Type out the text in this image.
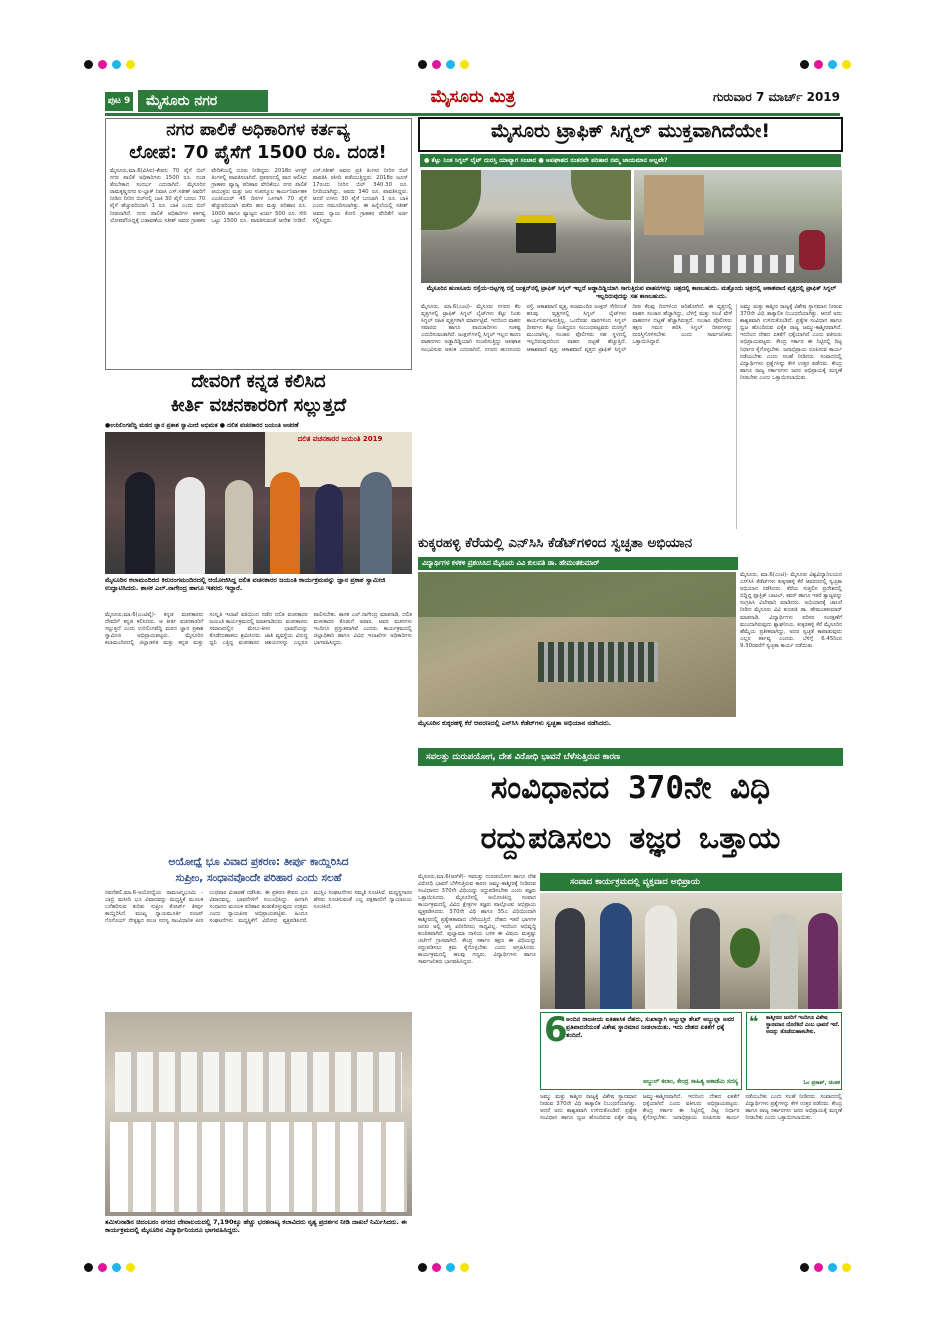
ಪುಟ 9	ಮೈಸೂರು ನಗರ	ಮೈಸೂರು ಮಿತ್ರ	ಗುರುವಾರ 7 ಮಾರ್ಚ್ 2019
ನಗರ ಪಾಲಿಕೆ ಅಧಿಕಾರಿಗಳ ಕರ್ತವ್ಯ
ಲೋಪ: 70 ಪೈಸೆಗೆ 1500 ರೂ. ದಂಡ!
ಮೈಸೂರು,ಮಾ.6(ವಿಸಿಐ)-ಕೇವಲ 70 ಪೈಸೆ ಬಿಲ್ ನಗರ ಪಾಲಿಕೆ ಅಧಿಕಾರಿಗಳು 1500 ರೂ. ದಂಡ ತೆರಬೇಕಾದ ಸಂದರ್ಭ ಎದುರಾಗಿದೆ. ಮೈಸೂರಿನ ರಾಮಕೃಷ್ಣನಗರ ಐ-ಬ್ಲಾಕ್ ನಿವಾಸಿ ಎಸ್.ಸತೀಶ್ ಅವರಿಗೆ ನೀಡಿದ ನೀರಿನ ಬಿಲ್‌ನಲ್ಲಿ ಬಾಕಿ 30 ಪೈಸೆ ಬದಲು 70 ಪೈಸೆ ಹೆಚ್ಚುವರಿಯಾಗಿ 1 ರೂ. ಬಾಕಿ ಎಂದು ಬಿಲ್ ನೀಡಲಾಗಿದೆ. ನಗರ ಪಾಲಿಕೆ ಅಧಿಕಾರಿಗಳ ಕರ್ತವ್ಯ ಲೋಪವೆನಿಸಿದ್ದಕ್ಕೆ ಬಡಾವಣೆಯ ಸತೀಶ್ ಅವರು ಗ್ರಾಹಕರ ವೇದಿಕೆಯಲ್ಲಿ ದೂರು ನೀಡಿದ್ದರು. 2018ರ ಆಗಸ್ಟ್ ತಿಂಗಳಲ್ಲಿ ಪಾವತಿಸಲಾಗಿದೆ. ಪ್ರಕರಣದಲ್ಲಿ ವಾದ ಆಲಿಸಿದ ಗ್ರಾಹಕರ ವ್ಯಾಜ್ಯ ಪರಿಹಾರ ವೇದಿಕೆಯು ನಗರ ಪಾಲಿಕೆ ಆಯುಕ್ತರು ಮತ್ತು ಜಲ ಸಂಪನ್ಮೂಲ ಕಾರ್ಯನಿರ್ವಾಹಕ ಎಂಜಿನಿಯರ್ 45 ದಿನಗಳ ಒಳಗಾಗಿ 70 ಪೈಸೆ ಹೆಚ್ಚುವರಿಯಾಗಿ ಪಡೆದ ಹಣ ಮತ್ತು ಪರಿಹಾರ ರೂ. 1000 ಹಾಗೂ ವ್ಯಾಜ್ಯದ ಖರ್ಚು 500 ರೂ. ಸೇರಿ ಒಟ್ಟು 1500 ರೂ. ಪಾವತಿಸುವಂತೆ ಆದೇಶ ನೀಡಿದೆ. ಎಸ್.ಸತೀಶ್ ಅವರು ಪ್ರತಿ ತಿಂಗಳು ನೀರಿನ ಬಿಲ್ ಪಾವತಿಸಿ ರಸೀದಿ ಪಡೆಯುತ್ತಿದ್ದರು. 2018ರ ಜೂನ್ 17ರಂದು ನೀರಿನ ಬಿಲ್ 340.30 ರೂ. ನಿಗದಿಯಾಗಿದ್ದು, ಅವರು 340 ರೂ. ಪಾವತಿಸಿದ್ದರು. ಆದರೆ ಉಳಿದ 30 ಪೈಸೆ ಬದಲಾಗಿ 1 ರೂ. ಬಾಕಿ ಎಂದು ನಮೂದಿಸಲಾಗಿತ್ತು. ಈ ಹಿನ್ನೆಲೆಯಲ್ಲಿ ಸತೀಶ್ ಅವರು ನ್ಯಾಯ ಕೋರಿ ಗ್ರಾಹಕರ ವೇದಿಕೆಗೆ ಅರ್ಜಿ ಸಲ್ಲಿಸಿದ್ದರು.
ಮೈಸೂರು ಟ್ರಾಫಿಕ್ ಸಿಗ್ನಲ್ ಮುಕ್ತವಾಗಿದೆಯೇ!
● ಕೆಟ್ಟು ನಿಂತ ಸಿಗ್ನಲ್ ಲೈಟ್ ದುರಸ್ತಿ ಯಾವ್ಯಾಗ ಸಂಚಾರ ● ಅಪಘಾತದ ನಂತರವೇ ಪರಿಹಾರ ನಮ್ಮ ಜಾಯಮಾನ ಅಲ್ಲವೇ?
ಮೈಸೂರಿನ ಹುಣಸೂರು ರಸ್ತೆಯ-ದಟ್ಟಗಳ್ಳಿ ರಸ್ತೆ ಜಂಕ್ಷನ್‌ನಲ್ಲಿ ಟ್ರಾಫಿಕ್ ಸಿಗ್ನಲ್ ಇಲ್ಲದೆ ಅಡ್ಡಾದಿಡ್ಡಿಯಾಗಿ ಸಾಗುತ್ತಿರುವ ವಾಹನಗಳನ್ನು ಚಿತ್ರದಲ್ಲಿ ಕಾಣಬಹುದು. ಮತ್ತೊಂದು ಚಿತ್ರದಲ್ಲಿ ಆಕಾಶವಾಣಿ ವೃತ್ತದಲ್ಲಿ ಟ್ರಾಫಿಕ್ ಸಿಗ್ನಲ್ ಇಲ್ಲದಿರುವುದನ್ನು ಸಹ ಕಾಣಬಹುದು.
ಮೈಸೂರು, ಮಾ.6(ಎಂಟಿ)- ಮೈಸೂರು ನಗರದ ಕೆಲ ವೃತ್ತಗಳಲ್ಲಿ ಟ್ರಾಫಿಕ್ ಸಿಗ್ನಲ್ ಲೈಟ್‌ಗಳು ಕೆಟ್ಟು ನಿಂತು ಸಿಗ್ನಲ್ ರಹಿತ ವೃತ್ತಗಳಾಗಿ ಮಾರ್ಪಟ್ಟಿವೆ. ಇದರಿಂದ ವಾಹನ ಸವಾರರು ಹಾಗೂ ಪಾದಚಾರಿಗಳು ಸಂಕಷ್ಟ ಎದುರಿಸುವಂತಾಗಿದೆ. ಜಂಕ್ಷನ್‌ಗಳಲ್ಲಿ ಸಿಗ್ನಲ್ ಇಲ್ಲದ ಕಾರಣ ವಾಹನಗಳು ಅಡ್ಡಾದಿಡ್ಡಿಯಾಗಿ ಸಂಚರಿಸುತ್ತಿದ್ದು ಅಪಘಾತ ಸಂಭವಿಸುವ ಆತಂಕ ಎದುರಾಗಿದೆ. ನಗರದ ಹುಣಸೂರು ರಸ್ತೆ, ಆಕಾಶವಾಣಿ ವೃತ್ತ, ಕಲಾಮಂದಿರ ಜಂಕ್ಷನ್ ಸೇರಿದಂತೆ ಹಲವು ವೃತ್ತಗಳಲ್ಲಿ ಸಿಗ್ನಲ್ ಲೈಟ್‌ಗಳು ಕಾರ್ಯನಿರ್ವಹಿಸುತ್ತಿಲ್ಲ. ಒಂದೆರಡು ವಾರಗಳಿಂದ ಸಿಗ್ನಲ್ ದೀಪಗಳು ಕೆಟ್ಟು ನಿಂತಿದ್ದರೂ ಸಂಬಂಧಪಟ್ಟವರು ದುರಸ್ತಿಗೆ ಮುಂದಾಗಿಲ್ಲ. ಸಂಚಾರ ಪೊಲೀಸರು ಸಹ ಸ್ಥಳದಲ್ಲಿ ಇಲ್ಲದಿರುವುದರಿಂದ ವಾಹನ ದಟ್ಟಣೆ ಹೆಚ್ಚುತ್ತಿದೆ. ಆಕಾಶವಾಣಿ ವೃತ್ತ: ಆಕಾಶವಾಣಿ ವೃತ್ತದ ಟ್ರಾಫಿಕ್ ಸಿಗ್ನಲ್ ದೀಪ ಕೆಲವು ದಿನಗಳಿಂದ ಆರಿಹೋಗಿದೆ. ಈ ವೃತ್ತದಲ್ಲಿ ವಾಹನ ಸಂಚಾರ ಹೆಚ್ಚಾಗಿದ್ದು, ಬೆಳಿಗ್ಗೆ ಮತ್ತು ಸಂಜೆ ವೇಳೆ ವಾಹನಗಳ ದಟ್ಟಣೆ ಹೆಚ್ಚಾಗಿರುತ್ತದೆ. ಸಂಚಾರ ಪೊಲೀಸರು ತಕ್ಷಣ ಗಮನ ಹರಿಸಿ ಸಿಗ್ನಲ್ ದೀಪಗಳನ್ನು ದುರಸ್ತಿಗೊಳಿಸಬೇಕು ಎಂದು ಸಾರ್ವಜನಿಕರು ಒತ್ತಾಯಿಸಿದ್ದಾರೆ.
ಜಮ್ಮು ಮತ್ತು ಕಾಶ್ಮೀರ ರಾಜ್ಯಕ್ಕೆ ವಿಶೇಷ ಸ್ಥಾನಮಾನ ನೀಡುವ 370ನೇ ವಿಧಿ ತಾತ್ಕಾಲಿಕ ನಿಬಂಧನೆಯಾಗಿತ್ತು. ಆದರೆ ಅದು ಶಾಶ್ವತವಾಗಿ ಉಳಿದುಕೊಂಡಿದೆ. ಪ್ರತ್ಯೇಕ ಸಂವಿಧಾನ ಹಾಗೂ ಧ್ವಜ ಹೊಂದಿರುವ ಏಕೈಕ ರಾಜ್ಯ ಜಮ್ಮು-ಕಾಶ್ಮೀರವಾಗಿದೆ. ಇದರಿಂದ ದೇಶದ ಏಕತೆಗೆ ಧಕ್ಕೆಯಾಗಿದೆ ಎಂದು ವಕೀಲರು ಅಭಿಪ್ರಾಯಪಟ್ಟರು. ಕೇಂದ್ರ ಸರ್ಕಾರ ಈ ನಿಟ್ಟಿನಲ್ಲಿ ದಿಟ್ಟ ನಿರ್ಧಾರ ಕೈಗೊಳ್ಳಬೇಕು. ಜನಾಭಿಪ್ರಾಯ ರೂಪಿಸುವ ಕಾರ್ಯ ನಡೆಯಬೇಕು ಎಂದು ಸಲಹೆ ನೀಡಿದರು. ಸಂವಾದದಲ್ಲಿ ವಿದ್ಯಾರ್ಥಿಗಳು ಪ್ರಶ್ನೆಗಳನ್ನು ಕೇಳಿ ಉತ್ತರ ಪಡೆದರು. ಕೇಂದ್ರ ಹಾಗೂ ರಾಜ್ಯ ಸರ್ಕಾರಗಳು ಜನರ ಅಭಿಪ್ರಾಯಕ್ಕೆ ಮನ್ನಣೆ ನೀಡಬೇಕು ಎಂದು ಒತ್ತಾಯಿಸಲಾಯಿತು.
ದೇವರಿಗೆ ಕನ್ನಡ ಕಲಿಸಿದ
ಕೀರ್ತಿ ವಚನಕಾರರಿಗೆ ಸಲ್ಲುತ್ತದೆ
●ಉರಿಲಿಂಗಪೆದ್ದಿ ಮಠದ ಜ್ಞಾನ ಪ್ರಕಾಶ ಸ್ವಾಮೀಜಿ ಅಭಿಮತ ● ದಲಿತ ವಚನಕಾರರ ಜಯಂತಿ ಆಚರಣೆ
ದಲಿತ ವಚನಕಾರರ ಜಯಂತಿ 2019
ಮೈಸೂರಿನ ಕಲಾಮಂದಿರದ ಕಿರುರಂಗಮಂದಿರದಲ್ಲಿ ಆಯೋಜಿಸಿದ್ದ ದಲಿತ ವಚನಕಾರರ ಜಯಂತಿ ಕಾರ್ಯಕ್ರಮವನ್ನು ಜ್ಞಾನ ಪ್ರಕಾಶ ಸ್ವಾಮೀಜಿ ಉದ್ಘಾಟಿಸಿದರು. ಶಾಸಕ ಎಲ್.ನಾಗೇಂದ್ರ ಹಾಗೂ ಇತರರು ಇದ್ದಾರೆ.
ಮೈಸೂರು,ಮಾ.6(ಎಂಟಿವೈ)- ಕನ್ನಡ ವಚನಕಾರರು ದೇವರಿಗೆ ಕನ್ನಡ ಕಲಿಸಿದರು. ಆ ಕೀರ್ತಿ ವಚನಕಾರರಿಗೆ ಸಲ್ಲುತ್ತದೆ ಎಂದು ಉರಿಲಿಂಗಪೆದ್ದಿ ಮಠದ ಜ್ಞಾನ ಪ್ರಕಾಶ ಸ್ವಾಮೀಜಿ ಅಭಿಪ್ರಾಯಪಟ್ಟರು. ಮೈಸೂರಿನ ಕಲಾಮಂದಿರದಲ್ಲಿ ಜಿಲ್ಲಾಡಳಿತ ಮತ್ತು ಕನ್ನಡ ಮತ್ತು ಸಂಸ್ಕೃತಿ ಇಲಾಖೆ ವತಿಯಿಂದ ನಡೆದ ದಲಿತ ವಚನಕಾರರ ಜಯಂತಿ ಕಾರ್ಯಕ್ರಮದಲ್ಲಿ ಮಾತನಾಡಿದರು. ವಚನಕಾರರು ಸಮಾಜದಲ್ಲಿನ ಮೇಲು-ಕೀಳು ಭಾವನೆಯನ್ನು ತೊಡೆದುಹಾಕಲು ಶ್ರಮಿಸಿದರು. ಜಾತಿ ವ್ಯವಸ್ಥೆಯ ವಿರುದ್ಧ ಧ್ವನಿ ಎತ್ತಿದ್ದ ವಚನಕಾರರ ಆಶಯಗಳನ್ನು ಎಲ್ಲರೂ ಪಾಲಿಸಬೇಕು. ಶಾಸಕ ಎಲ್.ನಾಗೇಂದ್ರ ಮಾತನಾಡಿ, ದಲಿತ ವಚನಕಾರರ ಕೊಡುಗೆ ಅಪಾರ. ಅವರ ವಚನಗಳು ಇಂದಿಗೂ ಪ್ರಸ್ತುತವಾಗಿವೆ ಎಂದರು. ಕಾರ್ಯಕ್ರಮದಲ್ಲಿ ಜಿಲ್ಲಾಧಿಕಾರಿ ಹಾಗೂ ವಿವಿಧ ಇಲಾಖೆಗಳ ಅಧಿಕಾರಿಗಳು ಭಾಗವಹಿಸಿದ್ದರು.
ಕುಕ್ಕರಹಳ್ಳಿ ಕೆರೆಯಲ್ಲಿ ಎನ್‌ಸಿಸಿ ಕೆಡೆಟ್‌ಗಳಿಂದ ಸ್ವಚ್ಛತಾ ಅಭಿಯಾನ
ವಿದ್ಯಾರ್ಥಿಗಳ ಕಳಕಳಿ ಪ್ರಶಂಸಿಸಿದ ಮೈಸೂರು ವಿವಿ ಕುಲಪತಿ ಡಾ. ಹೇಮಂತಕುಮಾರ್
ಮೈಸೂರಿನ ಕುಕ್ಕರಹಳ್ಳಿ ಕೆರೆ ಆವರಣದಲ್ಲಿ ಎನ್‌ಸಿಸಿ ಕೆಡೆಟ್‌ಗಳು ಸ್ವಚ್ಛತಾ ಅಭಿಯಾನ ನಡೆಸಿದರು.
ಮೈಸೂರು, ಮಾ.6(ಎಂಟಿ)- ಮೈಸೂರು ವಿಶ್ವವಿದ್ಯಾನಿಲಯದ ಎನ್‌ಸಿಸಿ ಕೆಡೆಟ್‌ಗಳು ಕುಕ್ಕರಹಳ್ಳಿ ಕೆರೆ ಆವರಣದಲ್ಲಿ ಸ್ವಚ್ಛತಾ ಅಭಿಯಾನ ನಡೆಸಿದರು. ಕೆರೆಯ ಸುತ್ತಲಿನ ಪ್ರದೇಶದಲ್ಲಿ ಬಿದ್ದಿದ್ದ ಪ್ಲಾಸ್ಟಿಕ್ ಬಾಟಲ್, ಕವರ್ ಹಾಗೂ ಇತರೆ ತ್ಯಾಜ್ಯವನ್ನು ಸಂಗ್ರಹಿಸಿ ವಿಲೇವಾರಿ ಮಾಡಿದರು. ಅಭಿಯಾನಕ್ಕೆ ಚಾಲನೆ ನೀಡಿದ ಮೈಸೂರು ವಿವಿ ಕುಲಪತಿ ಡಾ. ಹೇಮಂತಕುಮಾರ್ ಮಾತನಾಡಿ, ವಿದ್ಯಾರ್ಥಿಗಳು ಪರಿಸರ ಸಂರಕ್ಷಣೆಗೆ ಮುಂದಾಗಿರುವುದು ಶ್ಲಾಘನೀಯ. ಕುಕ್ಕರಹಳ್ಳಿ ಕೆರೆ ಮೈಸೂರಿನ ಹೆಮ್ಮೆಯ ಪ್ರತೀಕವಾಗಿದ್ದು, ಅದರ ಸ್ವಚ್ಛತೆ ಕಾಪಾಡುವುದು ಎಲ್ಲರ ಕರ್ತವ್ಯ ಎಂದರು. ಬೆಳಿಗ್ಗೆ 6.45ರಿಂದ 9.30ರವರೆಗೆ ಸ್ವಚ್ಛತಾ ಕಾರ್ಯ ನಡೆಯಿತು.
ಸವಲತ್ತು ದುರುಪಯೋಗ, ದೇಶ ವಿರೋಧಿ ಭಾವನೆ ಬೆಳೆಸುತ್ತಿರುವ ಕಾರಣ
ಸಂವಿಧಾನದ 370ನೇ ವಿಧಿ
ರದ್ದುಪಡಿಸಲು ತಜ್ಞರ ಒತ್ತಾಯ
ಸಂವಾದ ಕಾರ್ಯಕ್ರಮದಲ್ಲಿ ವ್ಯಕ್ತವಾದ ಅಭಿಪ್ರಾಯ
ಮೈಸೂರು,ಮಾ.6(ಆರ್‌ಕೆ)- ಸವಲತ್ತು ದುರುಪಯೋಗ ಹಾಗೂ ದೇಶ ವಿರೋಧಿ ಭಾವನೆ ಬೆಳೆಸುತ್ತಿರುವ ಕಾರಣ ಜಮ್ಮು-ಕಾಶ್ಮೀರಕ್ಕೆ ನೀಡಿರುವ ಸಂವಿಧಾನದ 370ನೇ ವಿಧಿಯನ್ನು ರದ್ದುಪಡಿಸಬೇಕು ಎಂದು ತಜ್ಞರು ಒತ್ತಾಯಿಸಿದರು. ಮೈಸೂರಿನಲ್ಲಿ ಆಯೋಜಿಸಿದ್ದ ಸಂವಾದ ಕಾರ್ಯಕ್ರಮದಲ್ಲಿ ವಿವಿಧ ಕ್ಷೇತ್ರಗಳ ತಜ್ಞರು ಪಾಲ್ಗೊಂಡು ಅಭಿಪ್ರಾಯ ವ್ಯಕ್ತಪಡಿಸಿದರು. 370ನೇ ವಿಧಿ ಹಾಗೂ 35ಎ ವಿಧಿಯಿಂದಾಗಿ ಕಾಶ್ಮೀರದಲ್ಲಿ ಪ್ರತ್ಯೇಕತಾವಾದ ಬೆಳೆಯುತ್ತಿದೆ. ದೇಶದ ಇತರೆ ಭಾಗಗಳ ಜನರು ಅಲ್ಲಿ ಆಸ್ತಿ ಖರೀದಿಸಲು ಸಾಧ್ಯವಿಲ್ಲ. ಇದರಿಂದ ಅಭಿವೃದ್ಧಿ ಕುಂಠಿತವಾಗಿದೆ. ಪುಲ್ವಾಮಾ ದಾಳಿಯ ಬಳಿಕ ಈ ವಿಷಯ ಮತ್ತಷ್ಟು ಚರ್ಚೆಗೆ ಗ್ರಾಸವಾಗಿದೆ. ಕೇಂದ್ರ ಸರ್ಕಾರ ತಕ್ಷಣ ಈ ವಿಧಿಯನ್ನು ರದ್ದುಪಡಿಸಲು ಕ್ರಮ ಕೈಗೊಳ್ಳಬೇಕು ಎಂದು ಆಗ್ರಹಿಸಿದರು. ಕಾರ್ಯಕ್ರಮದಲ್ಲಿ ಹಲವು ಗಣ್ಯರು, ವಿದ್ಯಾರ್ಥಿಗಳು ಹಾಗೂ ಸಾರ್ವಜನಿಕರು ಭಾಗವಹಿಸಿದ್ದರು.
6
ಅಂದಿನ ರಾಜಕೀಯ ಐತಿಹಾಸಿಕ ನೆಹರು, ಸುಖಾನ್ಯಾಗಿ ಅಬ್ದುಲ್ಲಾ ಶೇಖ್ ಅಬ್ದುಲ್ಲಾ ಅವರ ಪ್ರತಿಪಾದನೆಯಂತೆ ವಿಶೇಷ ಸ್ಥಾನಮಾನ ನೀಡಲಾಯಿತು. ಇದು ದೇಶದ ಏಕತೆಗೆ ಧಕ್ಕೆ ತಂದಿದೆ.
ಅಬ್ದುಲ್ ಕಲಾಂ, ಕೇಂದ್ರ ಸಾಹಿತ್ಯ ಅಕಾಡೆಮಿ ಸದಸ್ಯ
❝ ಕಾಶ್ಮೀರದ ಜನರಿಗೆ ಇಂದಿಗೂ ವಿಶೇಷ ಸ್ಥಾನಮಾನ ದೊರೆತಿದೆ ಎಂಬ ಭಾವನೆ ಇದೆ. ಅದನ್ನು ತೊಡೆದುಹಾಕಬೇಕು.
ಓಂ ಪ್ರಕಾಶ್, ಚಿಂತಕ
ಜಮ್ಮು ಮತ್ತು ಕಾಶ್ಮೀರ ರಾಜ್ಯಕ್ಕೆ ವಿಶೇಷ ಸ್ಥಾನಮಾನ ನೀಡುವ 370ನೇ ವಿಧಿ ತಾತ್ಕಾಲಿಕ ನಿಬಂಧನೆಯಾಗಿತ್ತು. ಆದರೆ ಅದು ಶಾಶ್ವತವಾಗಿ ಉಳಿದುಕೊಂಡಿದೆ. ಪ್ರತ್ಯೇಕ ಸಂವಿಧಾನ ಹಾಗೂ ಧ್ವಜ ಹೊಂದಿರುವ ಏಕೈಕ ರಾಜ್ಯ ಜಮ್ಮು-ಕಾಶ್ಮೀರವಾಗಿದೆ. ಇದರಿಂದ ದೇಶದ ಏಕತೆಗೆ ಧಕ್ಕೆಯಾಗಿದೆ ಎಂದು ವಕೀಲರು ಅಭಿಪ್ರಾಯಪಟ್ಟರು. ಕೇಂದ್ರ ಸರ್ಕಾರ ಈ ನಿಟ್ಟಿನಲ್ಲಿ ದಿಟ್ಟ ನಿರ್ಧಾರ ಕೈಗೊಳ್ಳಬೇಕು. ಜನಾಭಿಪ್ರಾಯ ರೂಪಿಸುವ ಕಾರ್ಯ ನಡೆಯಬೇಕು ಎಂದು ಸಲಹೆ ನೀಡಿದರು. ಸಂವಾದದಲ್ಲಿ ವಿದ್ಯಾರ್ಥಿಗಳು ಪ್ರಶ್ನೆಗಳನ್ನು ಕೇಳಿ ಉತ್ತರ ಪಡೆದರು. ಕೇಂದ್ರ ಹಾಗೂ ರಾಜ್ಯ ಸರ್ಕಾರಗಳು ಜನರ ಅಭಿಪ್ರಾಯಕ್ಕೆ ಮನ್ನಣೆ ನೀಡಬೇಕು ಎಂದು ಒತ್ತಾಯಿಸಲಾಯಿತು.
ಅಯೋಧ್ಯೆ ಭೂ ವಿವಾದ ಪ್ರಕರಣ: ತೀರ್ಪು ಕಾಯ್ದಿರಿಸಿದ
ಸುಪ್ರೀಂ, ಸಂಧಾನವೊಂದೇ ಪರಿಹಾರ ಎಂದು ಸಲಹೆ
ನವದೆಹಲಿ,ಮಾ.6-ಅಯೋಧ್ಯೆಯ ರಾಮಜನ್ಮಭೂಮಿ - ಬಾಬ್ರಿ ಮಸೀದಿ ಭೂ ವಿವಾದವನ್ನು ಮಧ್ಯಸ್ಥಿಕೆ ಮೂಲಕ ಬಗೆಹರಿಸುವ ಕುರಿತು ಸುಪ್ರೀಂ ಕೋರ್ಟ್ ತೀರ್ಪು ಕಾಯ್ದಿರಿಸಿದೆ. ಮುಖ್ಯ ನ್ಯಾಯಮೂರ್ತಿ ರಂಜನ್ ಗೊಗೊಯ್ ನೇತೃತ್ವದ ಪಂಚ ಸದಸ್ಯ ಸಾಂವಿಧಾನಿಕ ಪೀಠ ಬುಧವಾರ ವಿಚಾರಣೆ ನಡೆಸಿತು. ಈ ಪ್ರಕರಣ ಕೇವಲ ಭೂ ವಿವಾದವಲ್ಲ, ಭಾವನೆಗಳಿಗೆ ಸಂಬಂಧಿಸಿದ್ದು. ಹೀಗಾಗಿ ಸಂಧಾನದ ಮೂಲಕ ಪರಿಹಾರ ಕಂಡುಕೊಳ್ಳುವುದು ಉತ್ತಮ ಎಂದು ನ್ಯಾಯಪೀಠ ಅಭಿಪ್ರಾಯಪಟ್ಟಿತು. ಹಿಂದೂ ಸಂಘಟನೆಗಳು ಮಧ್ಯಸ್ಥಿಕೆಗೆ ವಿರೋಧ ವ್ಯಕ್ತಪಡಿಸಿದರೆ, ಮುಸ್ಲಿಂ ಸಂಘಟನೆಗಳು ಸಮ್ಮತಿ ಸೂಚಿಸಿವೆ. ಮಧ್ಯಸ್ಥಗಾರರ ಹೆಸರು ಸೂಚಿಸುವಂತೆ ಎಲ್ಲ ಪಕ್ಷಕಾರರಿಗೆ ನ್ಯಾಯಾಲಯ ಸೂಚಿಸಿದೆ.
ತಮಿಳುನಾಡಿನ ಚಿದಂಬರಂ ನಗರದ ದೇವಾಲಯದಲ್ಲಿ 7,190ಕ್ಕೂ ಹೆಚ್ಚು ಭರತನಾಟ್ಯ ಕಲಾವಿದರು ನೃತ್ಯ ಪ್ರದರ್ಶನ ನೀಡಿ ದಾಖಲೆ ನಿರ್ಮಿಸಿದರು. ಈ ಕಾರ್ಯಕ್ರಮದಲ್ಲಿ ಮೈಸೂರಿನ ವಿದ್ಯಾರ್ಥಿನಿಯರೂ ಭಾಗವಹಿಸಿದ್ದರು.
